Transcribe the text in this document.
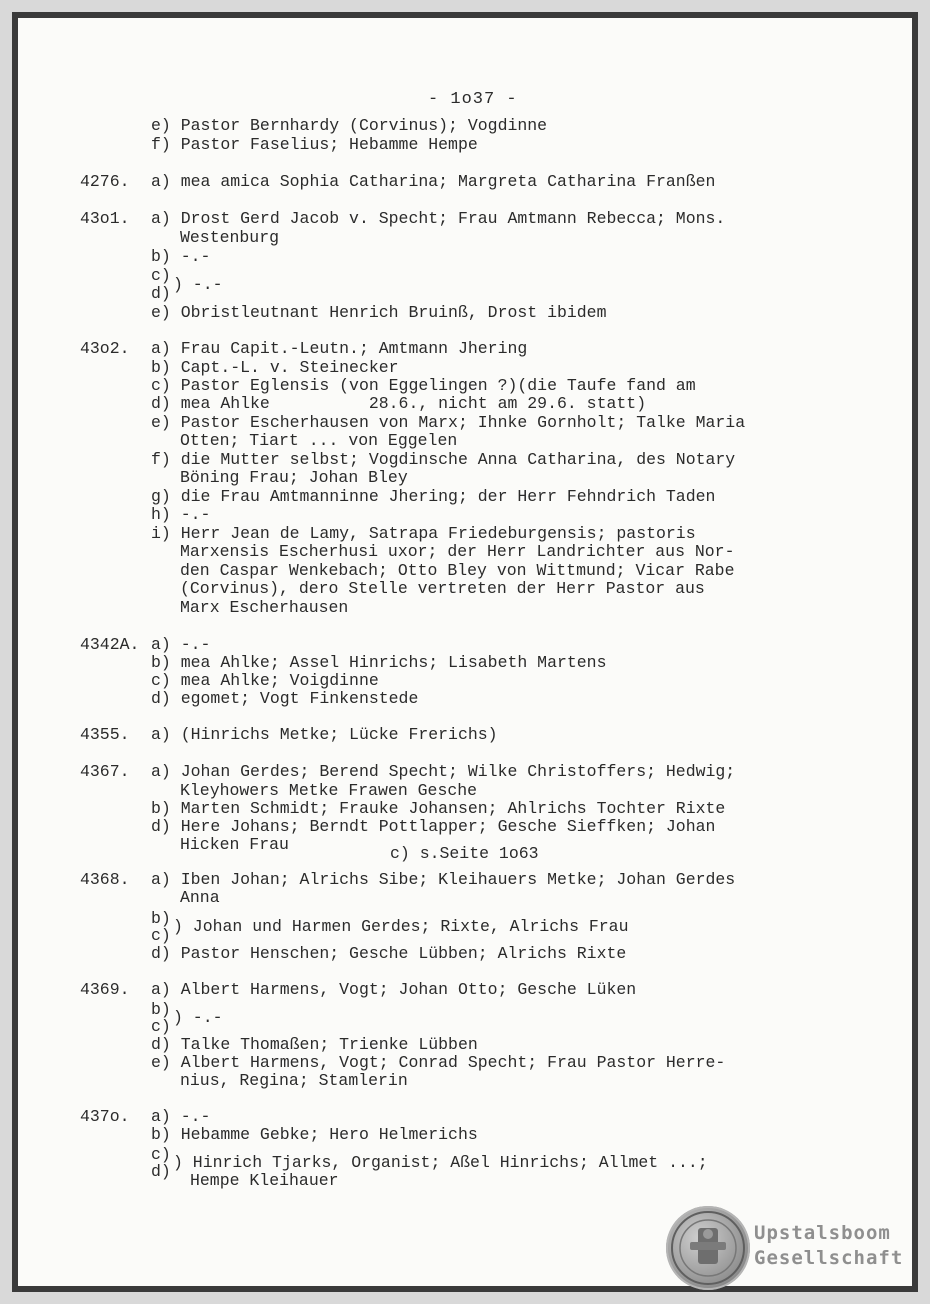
- 1o37 -
e) Pastor Bernhardy (Corvinus); Vogdinne
f) Pastor Faselius; Hebamme Hempe
4276. a) mea amica Sophia Catharina; Margreta Catharina Franßen
43o1. a) Drost Gerd Jacob v. Specht; Frau Amtmann Rebecca; Mons.
Westenburg
b) -.-
c)
d) ) -.-
e) Obristleutnant Henrich Bruinß, Drost ibidem
43o2. a) Frau Capit.-Leutn.; Amtmann Jhering
b) Capt.-L. v. Steinecker
c) Pastor Eglensis (von Eggelingen ?)(die Taufe fand am
d) mea Ahlke          28.6., nicht am 29.6. statt)
e) Pastor Escherhausen von Marx; Ihnke Gornholt; Talke Maria
Otten; Tiart ... von Eggelen
f) die Mutter selbst; Vogdinsche Anna Catharina, des Notary
Böning Frau; Johan Bley
g) die Frau Amtmanninne Jhering; der Herr Fehndrich Taden
h) -.-
i) Herr Jean de Lamy, Satrapa Friedeburgensis; pastoris
Marxensis Escherhusi uxor; der Herr Landrichter aus Nor-
den Caspar Wenkebach; Otto Bley von Wittmund; Vicar Rabe
(Corvinus), dero Stelle vertreten der Herr Pastor aus
Marx Escherhausen
4342A. a) -.-
b) mea Ahlke; Assel Hinrichs; Lisabeth Martens
c) mea Ahlke; Voigdinne
d) egomet; Vogt Finkenstede
4355. a) (Hinrichs Metke; Lücke Frerichs)
4367. a) Johan Gerdes; Berend Specht; Wilke Christoffers; Hedwig;
Kleyhowers Metke Frawen Gesche
b) Marten Schmidt; Frauke Johansen; Ahlrichs Tochter Rixte
d) Here Johans; Berndt Pottlapper; Gesche Sieffken; Johan
Hicken Frau	c) s.Seite 1o63
4368. a) Iben Johan; Alrichs Sibe; Kleihauers Metke; Johan Gerdes
Anna
b)
c) ) Johan und Harmen Gerdes; Rixte, Alrichs Frau
d) Pastor Henschen; Gesche Lübben; Alrichs Rixte
4369. a) Albert Harmens, Vogt; Johan Otto; Gesche Lüken
b)
c) ) -.-
d) Talke Thomaßen; Trienke Lübben
e) Albert Harmens, Vogt; Conrad Specht; Frau Pastor Herre-
nius, Regina; Stamlerin
437o. a) -.-
b) Hebamme Gebke; Hero Helmerichs
c)
d) ) Hinrich Tjarks, Organist; Aßel Hinrichs; Allmet ...;
Hempe Kleihauer
Upstalsboom
Gesellschaft
